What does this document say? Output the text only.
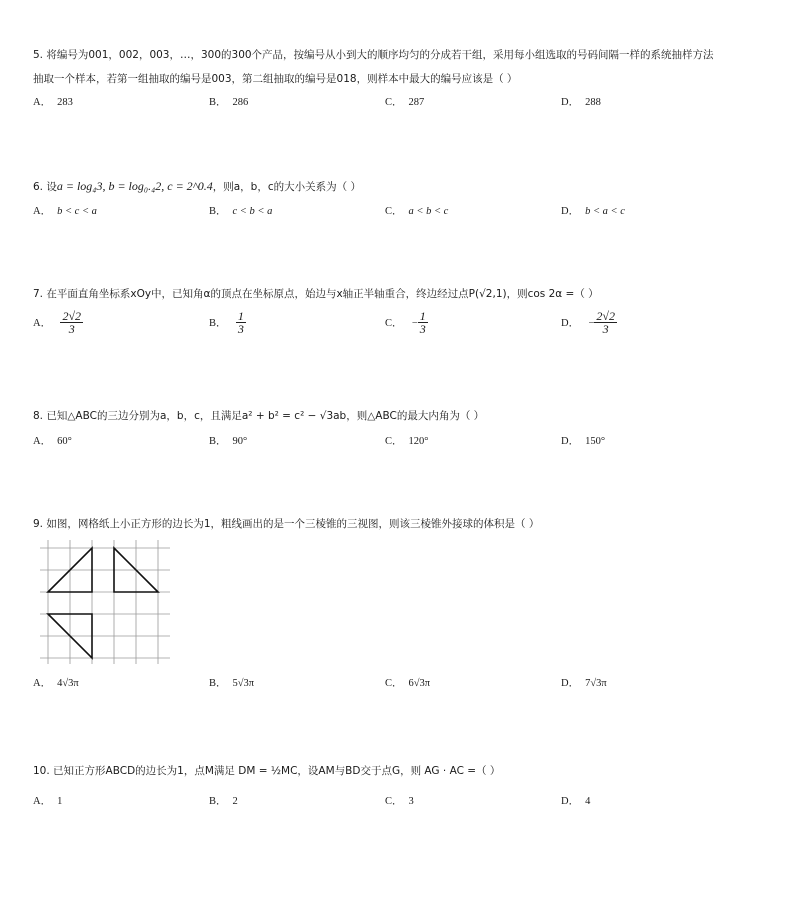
5. 将编号为001，002，003，…，300的300个产品，按编号从小到大的顺序均匀的分成若干组，采用每小组选取的号码间隔一样的系统抽样方法
抽取一个样本，若第一组抽取的编号是003，第二组抽取的编号是018，则样本中最大的编号应该是（ ）
A． 283	B． 286	C． 287	D． 288
6. 设a = log₄3, b = log₀.₄2, c = 2^0.4，则a，b，c的大小关系为（ ）
A． b < c < a	B． c < b < a	C． a < b < c	D． b < a < c
7. 在平面直角坐标系xOy中，已知角α的顶点在坐标原点，始边与x轴正半轴重合，终边经过点P(√2,1)，则cos 2α =（ ）
A． $\frac{2√2}{3}$	B． $\frac{1}{3}$	C． − $\frac{1}{3}$	D． − $\frac{2√2}{3}$
8. 已知△ABC的三边分别为a，b，c，且满足a² + b² = c² − √3ab，则△ABC的最大内角为（ ）
A． 60°	B． 90°	C． 120°	D． 150°
9. 如图，网格纸上小正方形的边长为1，粗线画出的是一个三棱锥的三视图，则该三棱锥外接球的体积是（ ）
A． 4√3π	B． 5√3π	C． 6√3π	D． 7√3π
10. 已知正方形ABCD的边长为1，点M满足 DM = ½MC，设AM与BD交于点G，则 AG · AC =（ ）
A． 1	B． 2	C． 3	D． 4
